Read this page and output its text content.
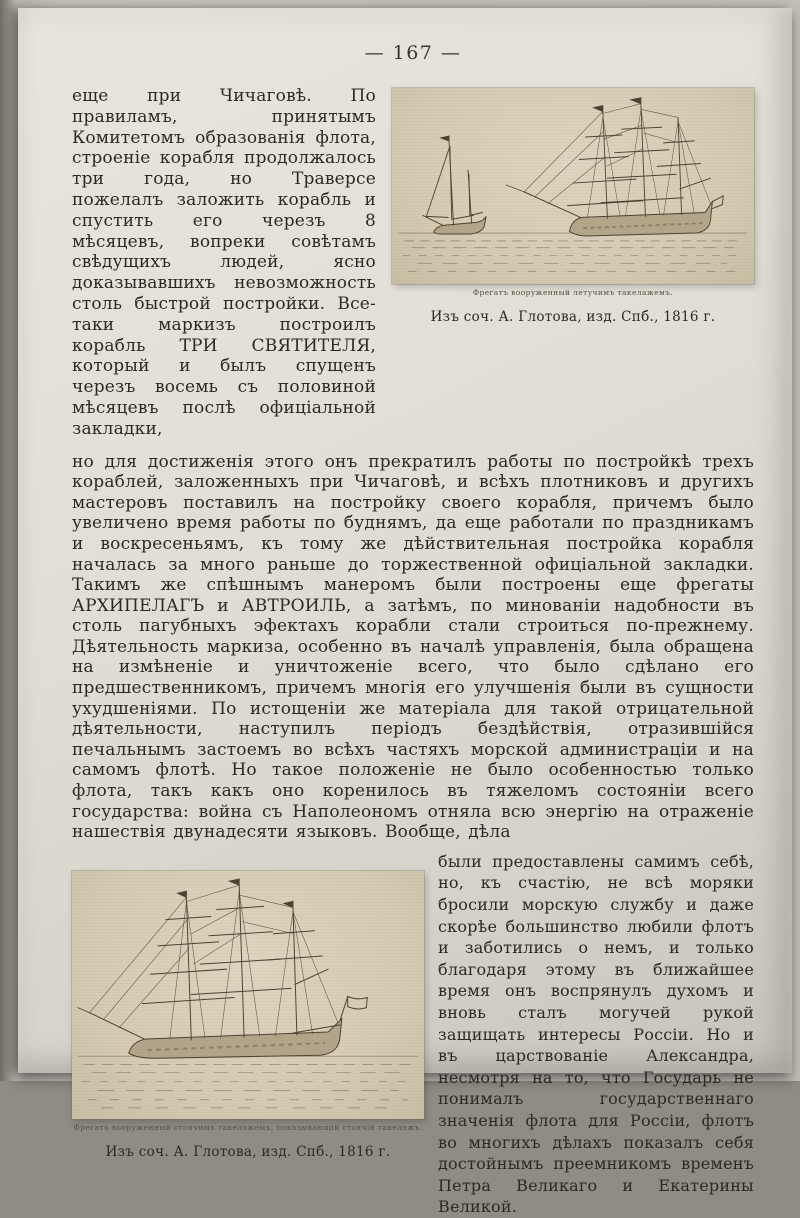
— 167 —
еще при Чичаговѣ. По правиламъ, принятымъ Комитетомъ образованія флота, строеніе корабля продолжалось три года, но Траверсе пожелалъ заложить корабль и спустить его черезъ 8 мѣсяцевъ, вопреки совѣтамъ свѣдущихъ людей, ясно доказывавшихъ невозможность столь быстрой постройки. Все-таки маркизъ построилъ корабль ТРИ СВЯТИТЕЛЯ, который и былъ спущенъ черезъ восемь съ половиной мѣсяцевъ послѣ офиціальной закладки,
Фрегатъ вооруженный летучимъ такелажемъ.
Изъ соч. А. Глотова, изд. Спб., 1816 г.
но для достиженія этого онъ прекратилъ работы по постройкѣ трехъ кораблей, заложенныхъ при Чичаговѣ, и всѣхъ плотниковъ и другихъ мастеровъ поставилъ на постройку своего корабля, причемъ было увеличено время работы по буднямъ, да еще работали по праздникамъ и воскресеньямъ, къ тому же дѣйствительная постройка корабля началась за много раньше до торжественной офиціальной закладки. Такимъ же спѣшнымъ манеромъ были построены еще фрегаты АРХИПЕЛАГЪ и АВТРОИЛЬ, а затѣмъ, по минованіи надобности въ столь пагубныхъ эфектахъ корабли стали строиться по-прежнему. Дѣятельность маркиза, особенно въ началѣ управленія, была обращена на измѣненіе и уничтоженіе всего, что было сдѣлано его предшественникомъ, причемъ многія его улучшенія были въ сущности ухудшеніями. По истощеніи же матеріала для такой отрицательной дѣятельности, наступилъ періодъ бездѣйствія, отразившійся печальнымъ застоемъ во всѣхъ частяхъ морской администраціи и на самомъ флотѣ. Но такое положеніе не было особенностью только флота, такъ какъ оно коренилось въ тяжеломъ состояніи всего государства: война съ Наполеономъ отняла всю энергію на отраженіе нашествія двунадесяти языковъ. Вообще, дѣла
Фрегатъ вооруженный стоячимъ такелажемъ, показывающій стоячій такелажъ.
Изъ соч. А. Глотова, изд. Спб., 1816 г.
были предоставлены самимъ себѣ, но, къ счастію, не всѣ моряки бросили морскую службу и даже скорѣе большинство любили флотъ и заботились о немъ, и только благодаря этому въ ближайшее время онъ воспрянулъ духомъ и вновь сталъ могучей рукой защищать интересы Россіи. Но и въ царствованіе Александра, несмотря на то, что Государь не понималъ государственнаго значенія флота для Россіи, флотъ во многихъ дѣлахъ показалъ себя достойнымъ преемникомъ временъ Петра Великаго и Екатерины Великой.
